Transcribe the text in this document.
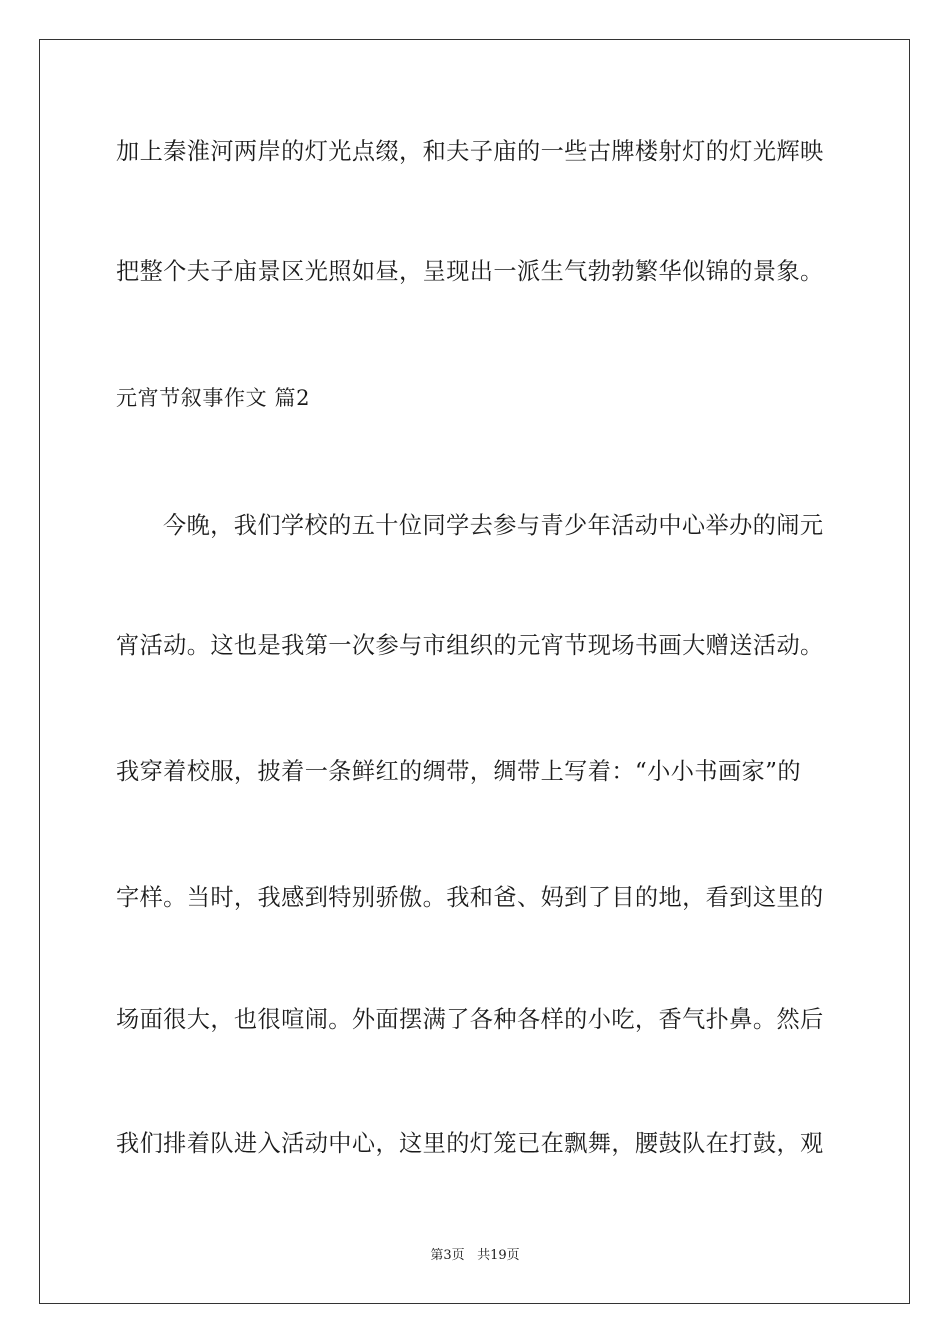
加上秦淮河两岸的灯光点缀，和夫子庙的一些古牌楼射灯的灯光辉映
把整个夫子庙景区光照如昼，呈现出一派生气勃勃繁华似锦的景象。
元宵节叙事作文 篇2
今晚，我们学校的五十位同学去参与青少年活动中心举办的闹元
宵活动。这也是我第一次参与市组织的元宵节现场书画大赠送活动。
我穿着校服，披着一条鲜红的绸带，绸带上写着：“小小书画家”的
字样。当时，我感到特别骄傲。我和爸、妈到了目的地，看到这里的
场面很大，也很喧闹。外面摆满了各种各样的小吃，香气扑鼻。然后
我们排着队进入活动中心，这里的灯笼已在飘舞，腰鼓队在打鼓，观
第3页 共19页
